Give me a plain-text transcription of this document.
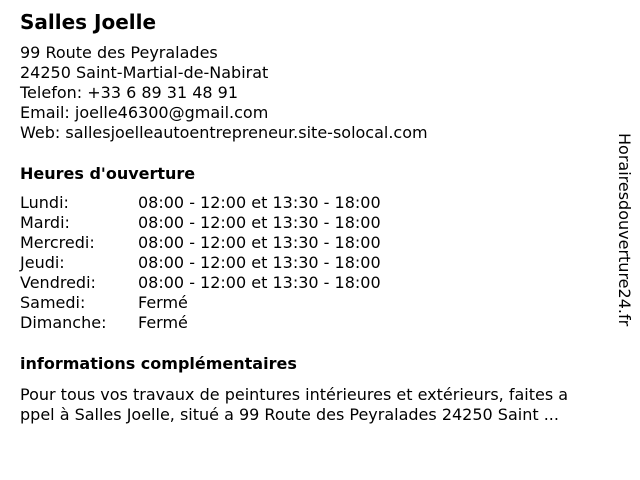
Salles Joelle
99 Route des Peyralades
24250 Saint-Martial-de-Nabirat
Telefon: +33 6 89 31 48 91
Email: joelle46300@gmail.com
Web: sallesjoelleautoentrepreneur.site-solocal.com
Heures d'ouverture
Lundi:	08:00 - 12:00 et 13:30 - 18:00
Mardi:	08:00 - 12:00 et 13:30 - 18:00
Mercredi:	08:00 - 12:00 et 13:30 - 18:00
Jeudi:	08:00 - 12:00 et 13:30 - 18:00
Vendredi:	08:00 - 12:00 et 13:30 - 18:00
Samedi:	Fermé
Dimanche: Fermé
informations complémentaires
Pour tous vos travaux de peintures intérieures et extérieurs, faites a
ppel à Salles Joelle, situé a 99 Route des Peyralades 24250 Saint ...
Horairesdouverture24.fr
